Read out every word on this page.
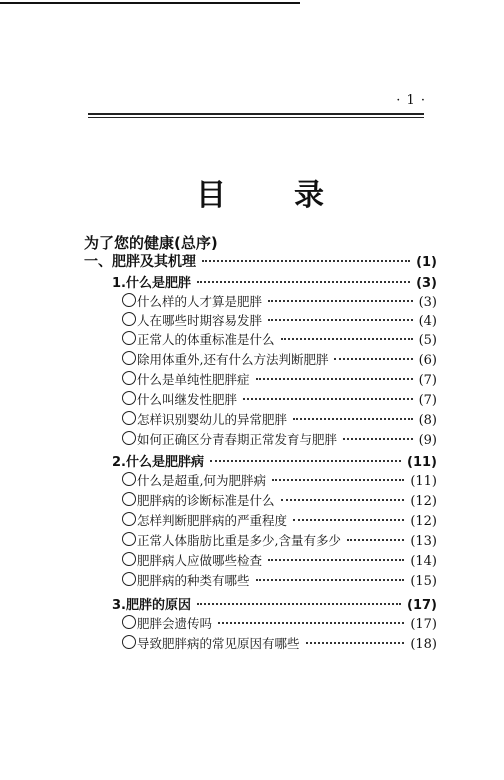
· 1 ·
目 录
为了您的健康(总序)
一、肥胖及其机理	(1)
1.什么是肥胖	(3)
什么样的人才算是肥胖	(3)
人在哪些时期容易发胖	(4)
正常人的体重标准是什么	(5)
除用体重外,还有什么方法判断肥胖	(6)
什么是单纯性肥胖症	(7)
什么叫继发性肥胖	(7)
怎样识别婴幼儿的异常肥胖	(8)
如何正确区分青春期正常发育与肥胖	(9)
2.什么是肥胖病	(11)
什么是超重,何为肥胖病	(11)
肥胖病的诊断标准是什么	(12)
怎样判断肥胖病的严重程度	(12)
正常人体脂肪比重是多少,含量有多少	(13)
肥胖病人应做哪些检查	(14)
肥胖病的种类有哪些	(15)
3.肥胖的原因	(17)
肥胖会遗传吗	(17)
导致肥胖病的常见原因有哪些	(18)
